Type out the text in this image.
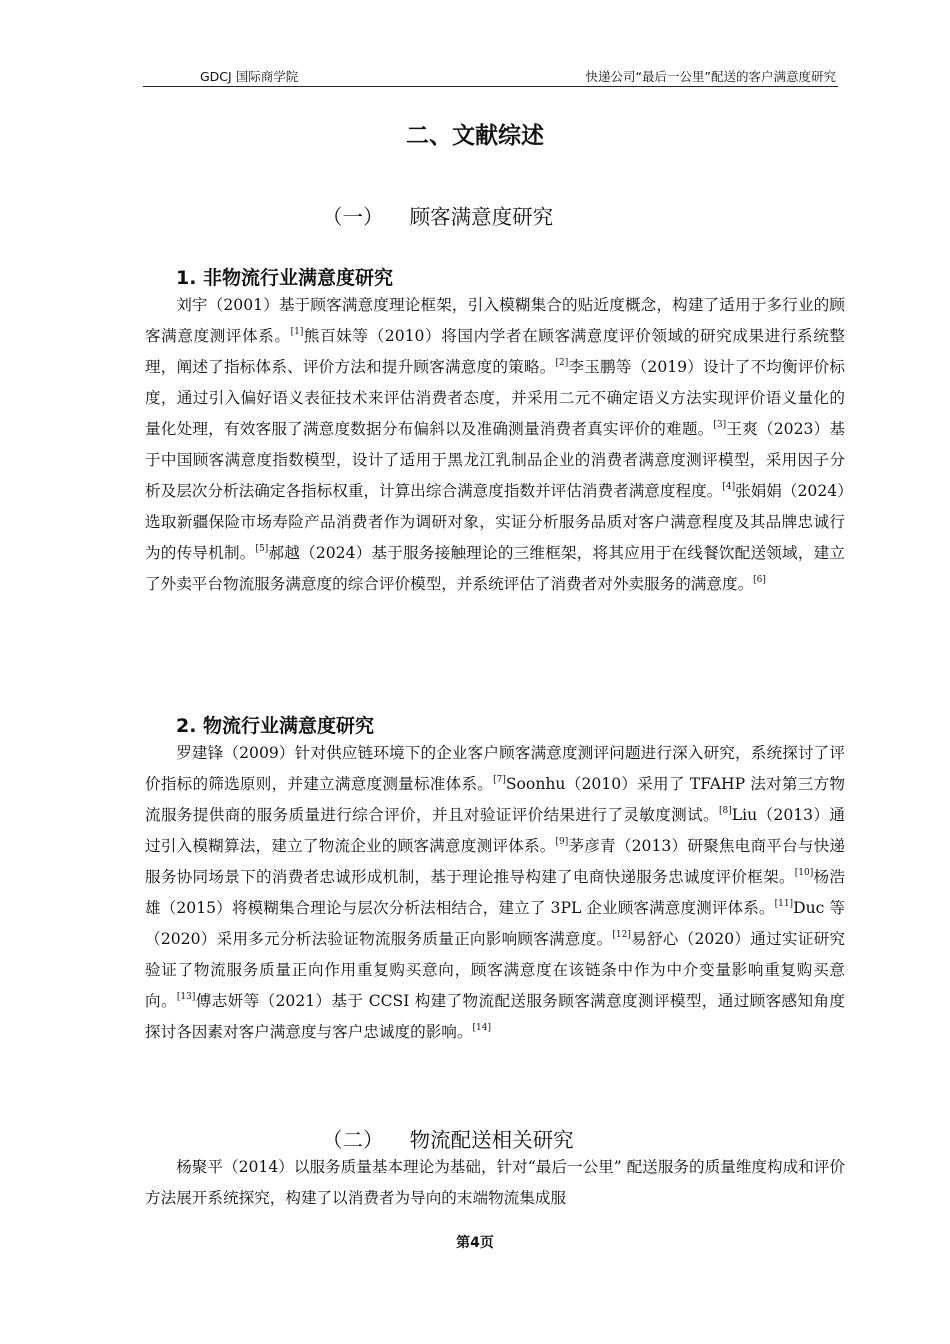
GDCJ 国际商学院	快递公司“最后一公里”配送的客户满意度研究
二、文献综述
（一）    顾客满意度研究
1. 非物流行业满意度研究
刘宇（2001）基于顾客满意度理论框架，引入模糊集合的贴近度概念，构建了适用于多行业的顾客满意度测评体系。[1]熊百妹等（2010）将国内学者在顾客满意度评价领域的研究成果进行系统整理，阐述了指标体系、评价方法和提升顾客满意度的策略。[2]李玉鹏等（2019）设计了不均衡评价标度，通过引入偏好语义表征技术来评估消费者态度，并采用二元不确定语义方法实现评价语义量化的量化处理，有效客服了满意度数据分布偏斜以及准确测量消费者真实评价的难题。[3]王爽（2023）基于中国顾客满意度指数模型，设计了适用于黑龙江乳制品企业的消费者满意度测评模型，采用因子分析及层次分析法确定各指标权重，计算出综合满意度指数并评估消费者满意度程度。[4]张娟娟（2024）选取新疆保险市场寿险产品消费者作为调研对象，实证分析服务品质对客户满意程度及其品牌忠诚行为的传导机制。[5]郝越（2024）基于服务接触理论的三维框架，将其应用于在线餐饮配送领域，建立了外卖平台物流服务满意度的综合评价模型，并系统评估了消费者对外卖服务的满意度。[6]
2. 物流行业满意度研究
罗建锋（2009）针对供应链环境下的企业客户顾客满意度测评问题进行深入研究，系统探讨了评价指标的筛选原则，并建立满意度测量标准体系。[7]Soonhu（2010）采用了 TFAHP 法对第三方物流服务提供商的服务质量进行综合评价，并且对验证评价结果进行了灵敏度测试。[8]Liu（2013）通过引入模糊算法，建立了物流企业的顾客满意度测评体系。[9]茅彦青（2013）研聚焦电商平台与快递服务协同场景下的消费者忠诚形成机制，基于理论推导构建了电商快递服务忠诚度评价框架。[10]杨浩雄（2015）将模糊集合理论与层次分析法相结合，建立了 3PL 企业顾客满意度测评体系。[11]Duc 等（2020）采用多元分析法验证物流服务质量正向影响顾客满意度。[12]易舒心（2020）通过实证研究验证了物流服务质量正向作用重复购买意向，顾客满意度在该链条中作为中介变量影响重复购买意向。[13]傅志妍等（2021）基于 CCSI 构建了物流配送服务顾客满意度测评模型，通过顾客感知角度探讨各因素对客户满意度与客户忠诚度的影响。[14]
（二）    物流配送相关研究
杨聚平（2014）以服务质量基本理论为基础，针对“最后一公里” 配送服务的质量维度构成和评价方法展开系统探究，构建了以消费者为导向的末端物流集成服
第4页
